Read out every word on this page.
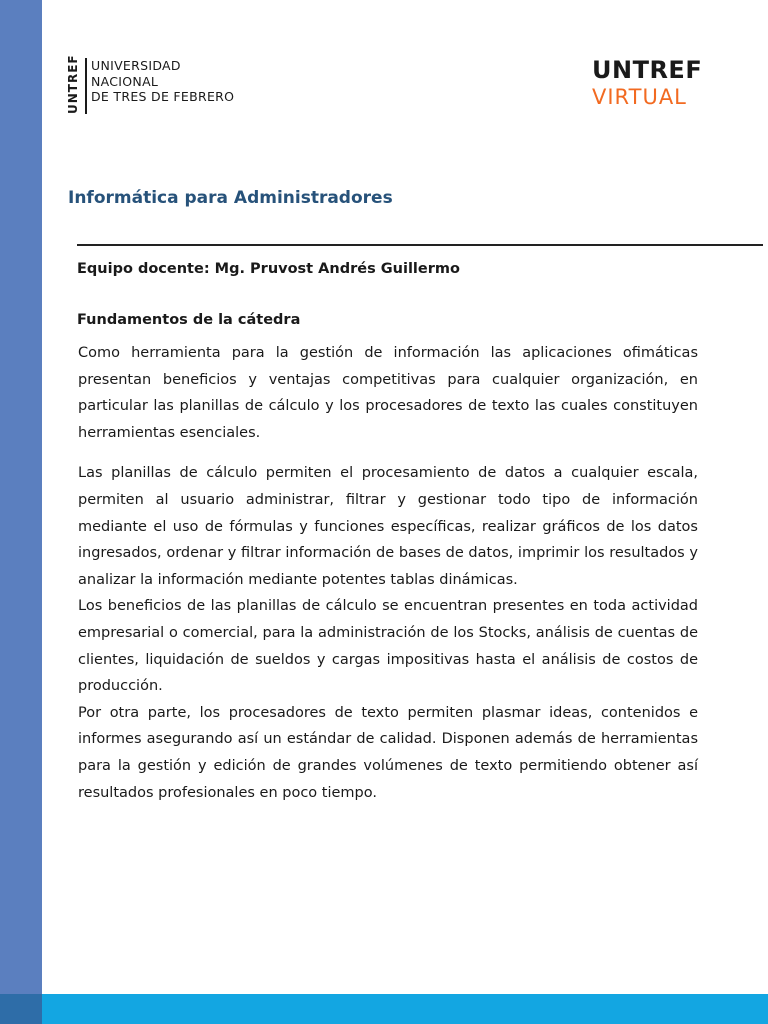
UNTREF UNIVERSIDAD
NACIONAL
DE TRES DE FEBRERO
UNTREF
VIRTUAL
Informática para Administradores
Equipo docente: Mg. Pruvost Andrés Guillermo
Fundamentos de la cátedra

Como herramienta para la gestión de información las aplicaciones ofimáticas presentan beneficios y ventajas competitivas para cualquier organización, en particular las planillas de cálculo y los procesadores de texto las cuales constituyen herramientas esenciales.

Las planillas de cálculo permiten el procesamiento de datos a cualquier escala, permiten al usuario administrar, filtrar y gestionar todo tipo de información mediante el uso de fórmulas y funciones específicas, realizar gráficos de los datos ingresados, ordenar y filtrar información de bases de datos, imprimir los resultados y analizar la información mediante potentes tablas dinámicas.

Los beneficios de las planillas de cálculo se encuentran presentes en toda actividad empresarial o comercial, para la administración de los Stocks, análisis de cuentas de clientes, liquidación de sueldos y cargas impositivas hasta el análisis de costos de producción.

Por otra parte, los procesadores de texto permiten plasmar ideas, contenidos e informes asegurando así un estándar de calidad. Disponen además de herramientas para la gestión y edición de grandes volúmenes de texto permitiendo obtener así resultados profesionales en poco tiempo.
